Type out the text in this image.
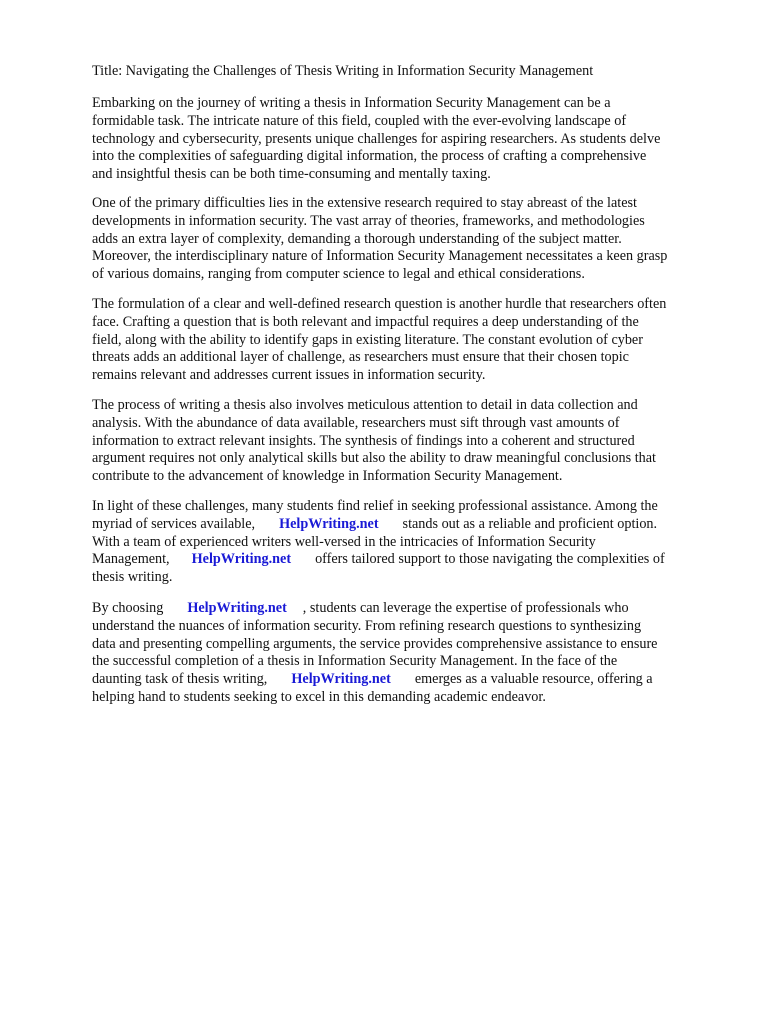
Title: Navigating the Challenges of Thesis Writing in Information Security Management

Embarking on the journey of writing a thesis in Information Security Management can be a

formidable task. The intricate nature of this field, coupled with the ever-evolving landscape of

technology and cybersecurity, presents unique challenges for aspiring researchers. As students delve

into the complexities of safeguarding digital information, the process of crafting a comprehensive

and insightful thesis can be both time-consuming and mentally taxing.

One of the primary difficulties lies in the extensive research required to stay abreast of the latest

developments in information security. The vast array of theories, frameworks, and methodologies

adds an extra layer of complexity, demanding a thorough understanding of the subject matter.

Moreover, the interdisciplinary nature of Information Security Management necessitates a keen grasp

of various domains, ranging from computer science to legal and ethical considerations.

The formulation of a clear and well-defined research question is another hurdle that researchers often

face. Crafting a question that is both relevant and impactful requires a deep understanding of the

field, along with the ability to identify gaps in existing literature. The constant evolution of cyber

threats adds an additional layer of challenge, as researchers must ensure that their chosen topic

remains relevant and addresses current issues in information security.

The process of writing a thesis also involves meticulous attention to detail in data collection and

analysis. With the abundance of data available, researchers must sift through vast amounts of

information to extract relevant insights. The synthesis of findings into a coherent and structured

argument requires not only analytical skills but also the ability to draw meaningful conclusions that

contribute to the advancement of knowledge in Information Security Management.

In light of these challenges, many students find relief in seeking professional assistance. Among the

myriad of services available, HelpWriting.net stands out as a reliable and proficient option.

With a team of experienced writers well-versed in the intricacies of Information Security

Management, HelpWriting.net offers tailored support to those navigating the complexities of

thesis writing.

By choosing HelpWriting.net , students can leverage the expertise of professionals who

understand the nuances of information security. From refining research questions to synthesizing

data and presenting compelling arguments, the service provides comprehensive assistance to ensure

the successful completion of a thesis in Information Security Management. In the face of the

daunting task of thesis writing, HelpWriting.net emerges as a valuable resource, offering a

helping hand to students seeking to excel in this demanding academic endeavor.
